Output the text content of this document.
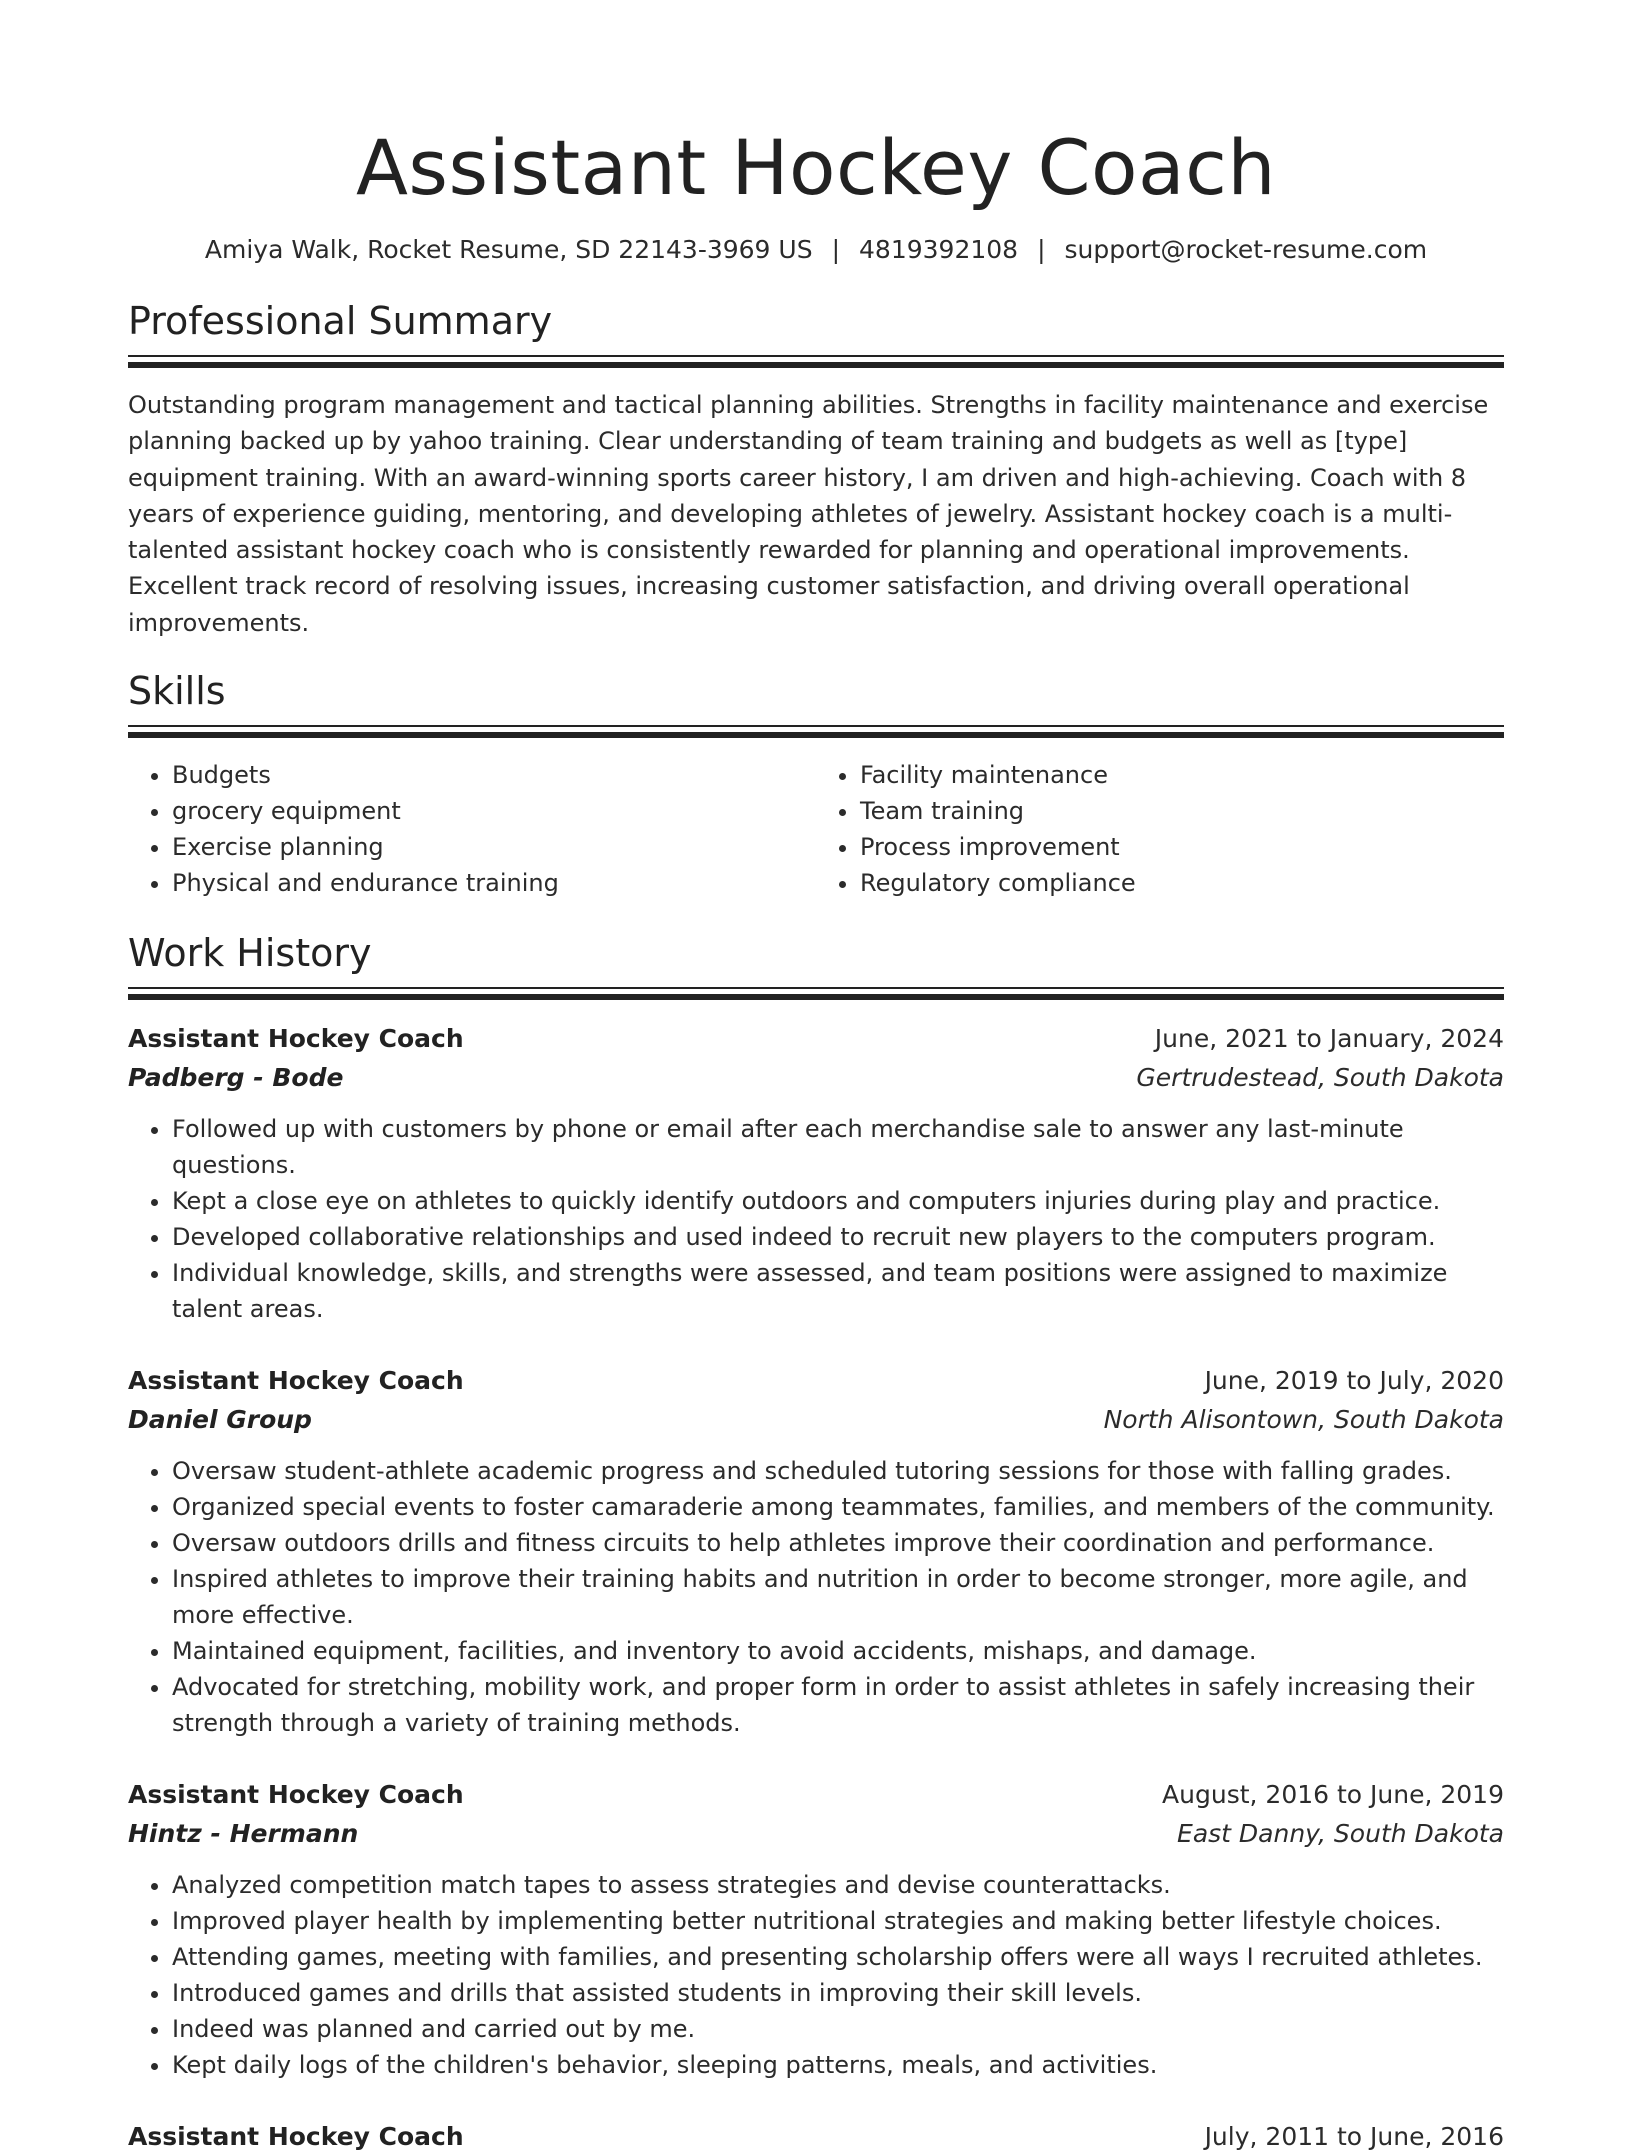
Assistant Hockey Coach
Amiya Walk, Rocket Resume, SD 22143-3969 US | 4819392108 | support@rocket-resume.com
Professional Summary

Outstanding program management and tactical planning abilities. Strengths in facility maintenance and exercise planning backed up by yahoo training. Clear understanding of team training and budgets as well as [type] equipment training. With an award-winning sports career history, I am driven and high-achieving. Coach with 8 years of experience guiding, mentoring, and developing athletes of jewelry. Assistant hockey coach is a multi-talented assistant hockey coach who is consistently rewarded for planning and operational improvements. Excellent track record of resolving issues, increasing customer satisfaction, and driving overall operational improvements.

Skills
• Budgets
• grocery equipment
• Exercise planning
• Physical and endurance training
• Facility maintenance
• Team training
• Process improvement
• Regulatory compliance
Work History
Assistant Hockey Coach	June, 2021 to January, 2024
Padberg - Bode	Gertrudestead, South Dakota
• Followed up with customers by phone or email after each merchandise sale to answer any last-minute questions.
• Kept a close eye on athletes to quickly identify outdoors and computers injuries during play and practice.
• Developed collaborative relationships and used indeed to recruit new players to the computers program.
• Individual knowledge, skills, and strengths were assessed, and team positions were assigned to maximize talent areas.
Assistant Hockey Coach	June, 2019 to July, 2020
Daniel Group	North Alisontown, South Dakota
• Oversaw student-athlete academic progress and scheduled tutoring sessions for those with falling grades.
• Organized special events to foster camaraderie among teammates, families, and members of the community.
• Oversaw outdoors drills and fitness circuits to help athletes improve their coordination and performance.
• Inspired athletes to improve their training habits and nutrition in order to become stronger, more agile, and more effective.
• Maintained equipment, facilities, and inventory to avoid accidents, mishaps, and damage.
• Advocated for stretching, mobility work, and proper form in order to assist athletes in safely increasing their strength through a variety of training methods.
Assistant Hockey Coach	August, 2016 to June, 2019
Hintz - Hermann	East Danny, South Dakota
• Analyzed competition match tapes to assess strategies and devise counterattacks.
• Improved player health by implementing better nutritional strategies and making better lifestyle choices.
• Attending games, meeting with families, and presenting scholarship offers were all ways I recruited athletes.
• Introduced games and drills that assisted students in improving their skill levels.
• Indeed was planned and carried out by me.
• Kept daily logs of the children's behavior, sleeping patterns, meals, and activities.
Assistant Hockey Coach	July, 2011 to June, 2016
